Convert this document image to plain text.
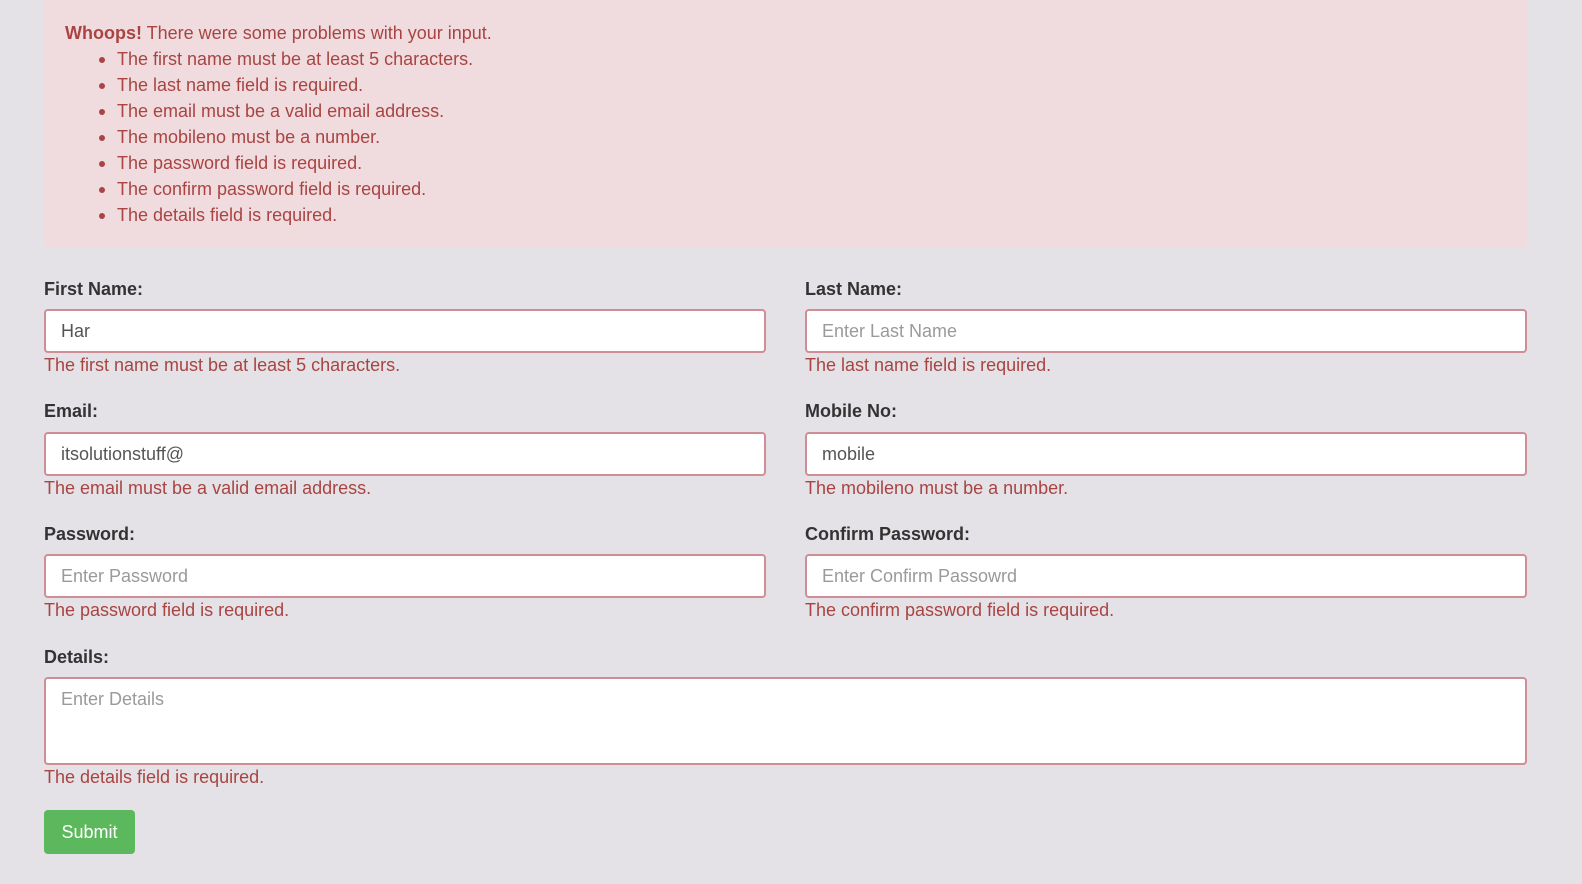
Whoops! There were some problems with your input.
The first name must be at least 5 characters.
The last name field is required.
The email must be a valid email address.
The mobileno must be a number.
The password field is required.
The confirm password field is required.
The details field is required.
First Name:
Har
The first name must be at least 5 characters.
Last Name:
Enter Last Name
The last name field is required.
Email:
itsolutionstuff@
The email must be a valid email address.
Mobile No:
mobile
The mobileno must be a number.
Password:
The password field is required.
Confirm Password:
The confirm password field is required.
Details:
Enter Details
The details field is required.
Submit
